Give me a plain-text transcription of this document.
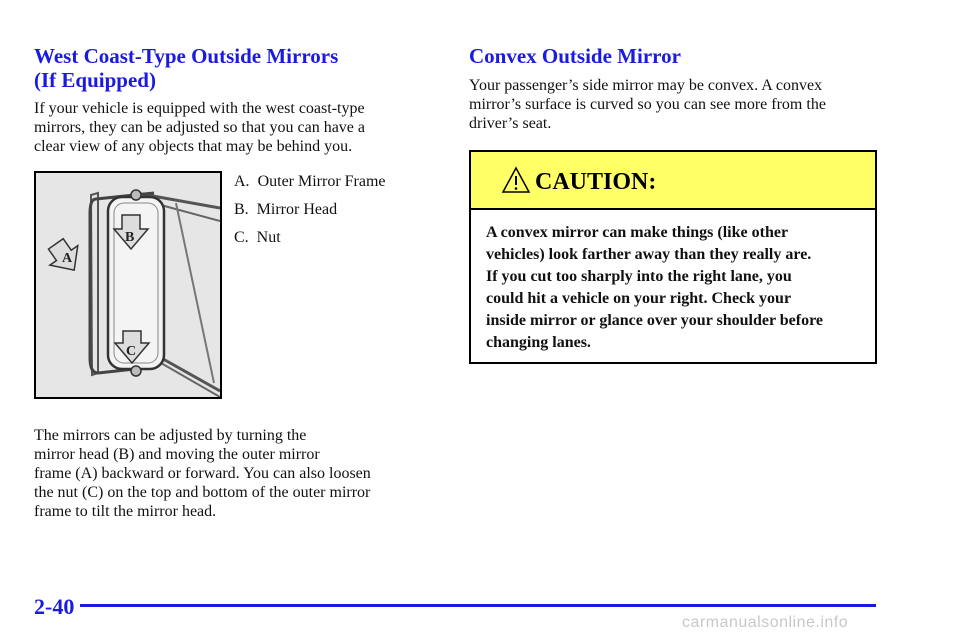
West Coast-Type Outside Mirrors
(If Equipped)
If your vehicle is equipped with the west coast-type
mirrors, they can be adjusted so that you can have a
clear view of any objects that may be behind you.
A
B
C
A. Outer Mirror Frame
B. Mirror Head
C. Nut
The mirrors can be adjusted by turning the
mirror head (B) and moving the outer mirror
frame (A) backward or forward. You can also loosen
the nut (C) on the top and bottom of the outer mirror
frame to tilt the mirror head.
Convex Outside Mirror
Your passenger’s side mirror may be convex. A convex
mirror’s surface is curved so you can see more from the
driver’s seat.
CAUTION:
A convex mirror can make things (like other
vehicles) look farther away than they really are.
If you cut too sharply into the right lane, you
could hit a vehicle on your right. Check your
inside mirror or glance over your shoulder before
changing lanes.
2-40
carmanualsonline.info
